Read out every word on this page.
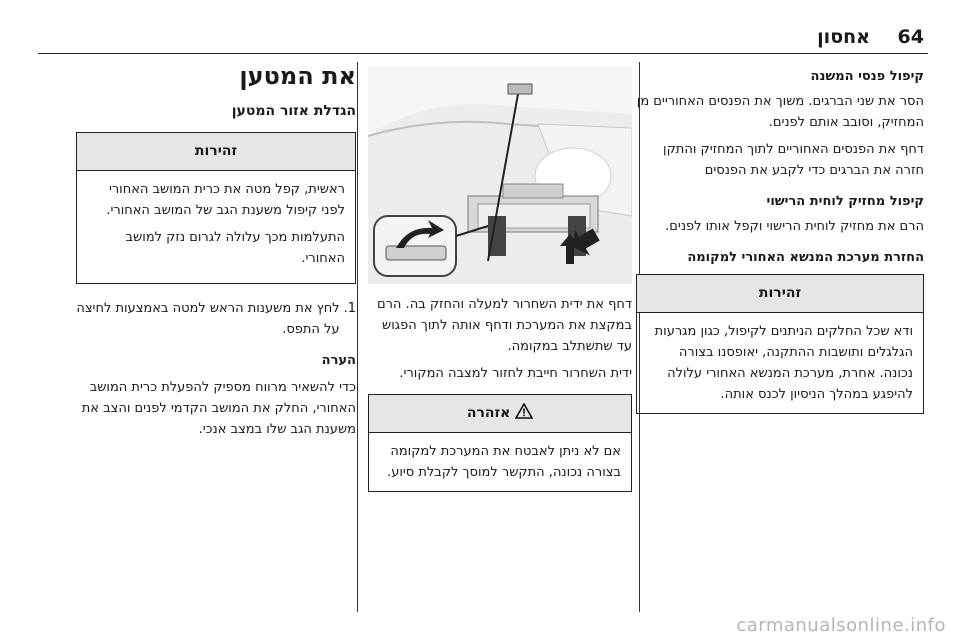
64
אחסון
קיפול פנסי המשנה

הסר את שני הברגים. משוך את הפנסים האחוריים מן המחזיק, וסובב אותם לפנים.

דחף את הפנסים האחוריים לתוך המחזיק והתקן חזרה את הברגים כדי לקבע את הפנסים

קיפול מחזיק לוחית הרישוי

הרם את מחזיק לוחית הרישוי וקפל אותו לפנים.

החזרת מערכת המנשא האחורי למקומה
זהירות
ודא שכל החלקים הניתנים לקיפול, כגון מגרעות הגלגלים ותושבות ההתקנה, יאופסנו בצורה נכונה. אחרת, מערכת המנשא האחורי עלולה להיפגע במהלך הניסיון לכנס אותה.

דחף את ידית השחרור למעלה והחזק בה. הרם במקצת את המערכת ודחף אותה לתוך הפגוש עד שתשתלב במקומה.

ידית השחרור חייבת לחזור למצבה המקורי.

אזהרה
אם לא ניתן לאבטח את המערכת למקומה בצורה נכונה, התקשר למוסך לקבלת סיוע.
את המטען
הגדלת אזור המטען
זהירות

ראשית, קפל מטה את כרית המושב האחורי לפני קיפול משענת הגב של המושב האחורי.

התעלמות מכך עלולה לגרום נזק למושב האחורי.

1.
לחץ את משענות הראש למטה באמצעות לחיצה על התפס.

הערה

כדי להשאיר מרווח מספיק להפעלת כרית המושב האחורי, החלק את המושב הקדמי לפנים והצב את משענת הגב שלו במצב אנכי.

carmanualsonline.info
